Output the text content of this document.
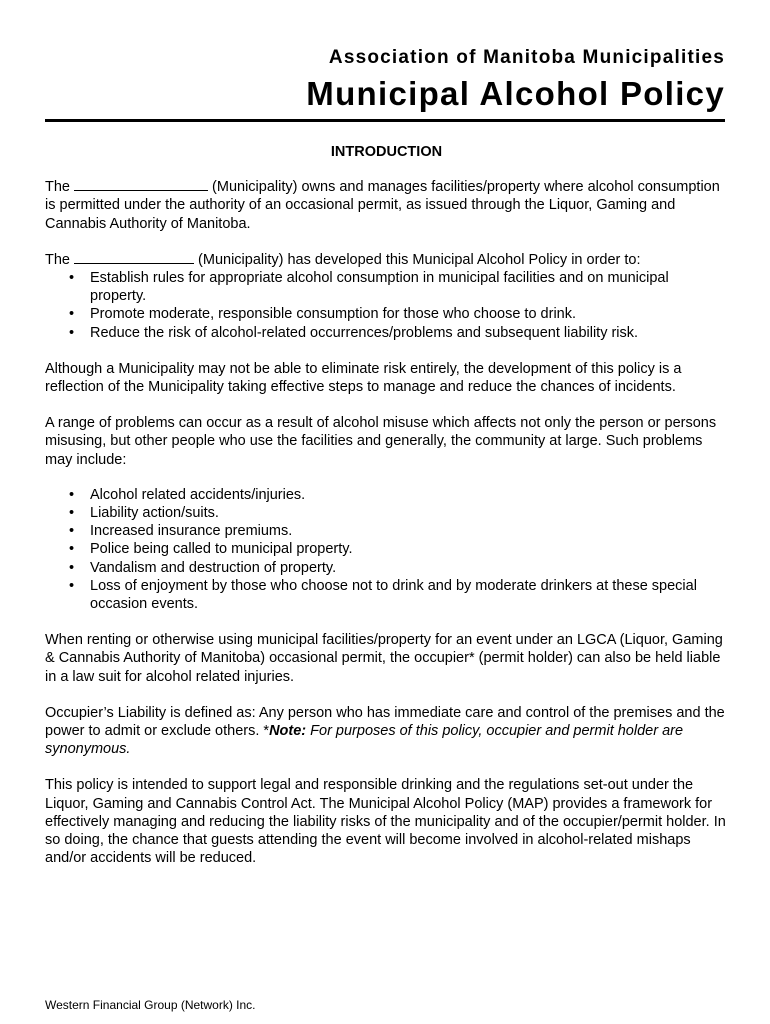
Association of Manitoba Municipalities
Municipal Alcohol Policy
INTRODUCTION

The	(Municipality) owns and manages facilities/property where alcohol consumption is permitted under the authority of an occasional permit, as issued through the Liquor, Gaming and Cannabis Authority of Manitoba.

The	(Municipality) has developed this Municipal Alcohol Policy in order to:

• Establish rules for appropriate alcohol consumption in municipal facilities and on municipal property.
• Promote moderate, responsible consumption for those who choose to drink.
• Reduce the risk of alcohol-related occurrences/problems and subsequent liability risk.

Although a Municipality may not be able to eliminate risk entirely, the development of this policy is a reflection of the Municipality taking effective steps to manage and reduce the chances of incidents.

A range of problems can occur as a result of alcohol misuse which affects not only the person or persons misusing, but other people who use the facilities and generally, the community at large. Such problems may include:

• Alcohol related accidents/injuries.
• Liability action/suits.
• Increased insurance premiums.
• Police being called to municipal property.
• Vandalism and destruction of property.
• Loss of enjoyment by those who choose not to drink and by moderate drinkers at these special occasion events.

When renting or otherwise using municipal facilities/property for an event under an LGCA (Liquor, Gaming & Cannabis Authority of Manitoba) occasional permit, the occupier* (permit holder) can also be held liable in a law suit for alcohol related injuries.

Occupier’s Liability is defined as: Any person who has immediate care and control of the premises and the power to admit or exclude others. *Note: For purposes of this policy, occupier and permit holder are synonymous.

This policy is intended to support legal and responsible drinking and the regulations set-out under the Liquor, Gaming and Cannabis Control Act. The Municipal Alcohol Policy (MAP) provides a framework for effectively managing and reducing the liability risks of the municipality and of the occupier/permit holder. In so doing, the chance that guests attending the event will become involved in alcohol-related mishaps and/or accidents will be reduced.

Western Financial Group (Network) Inc.
